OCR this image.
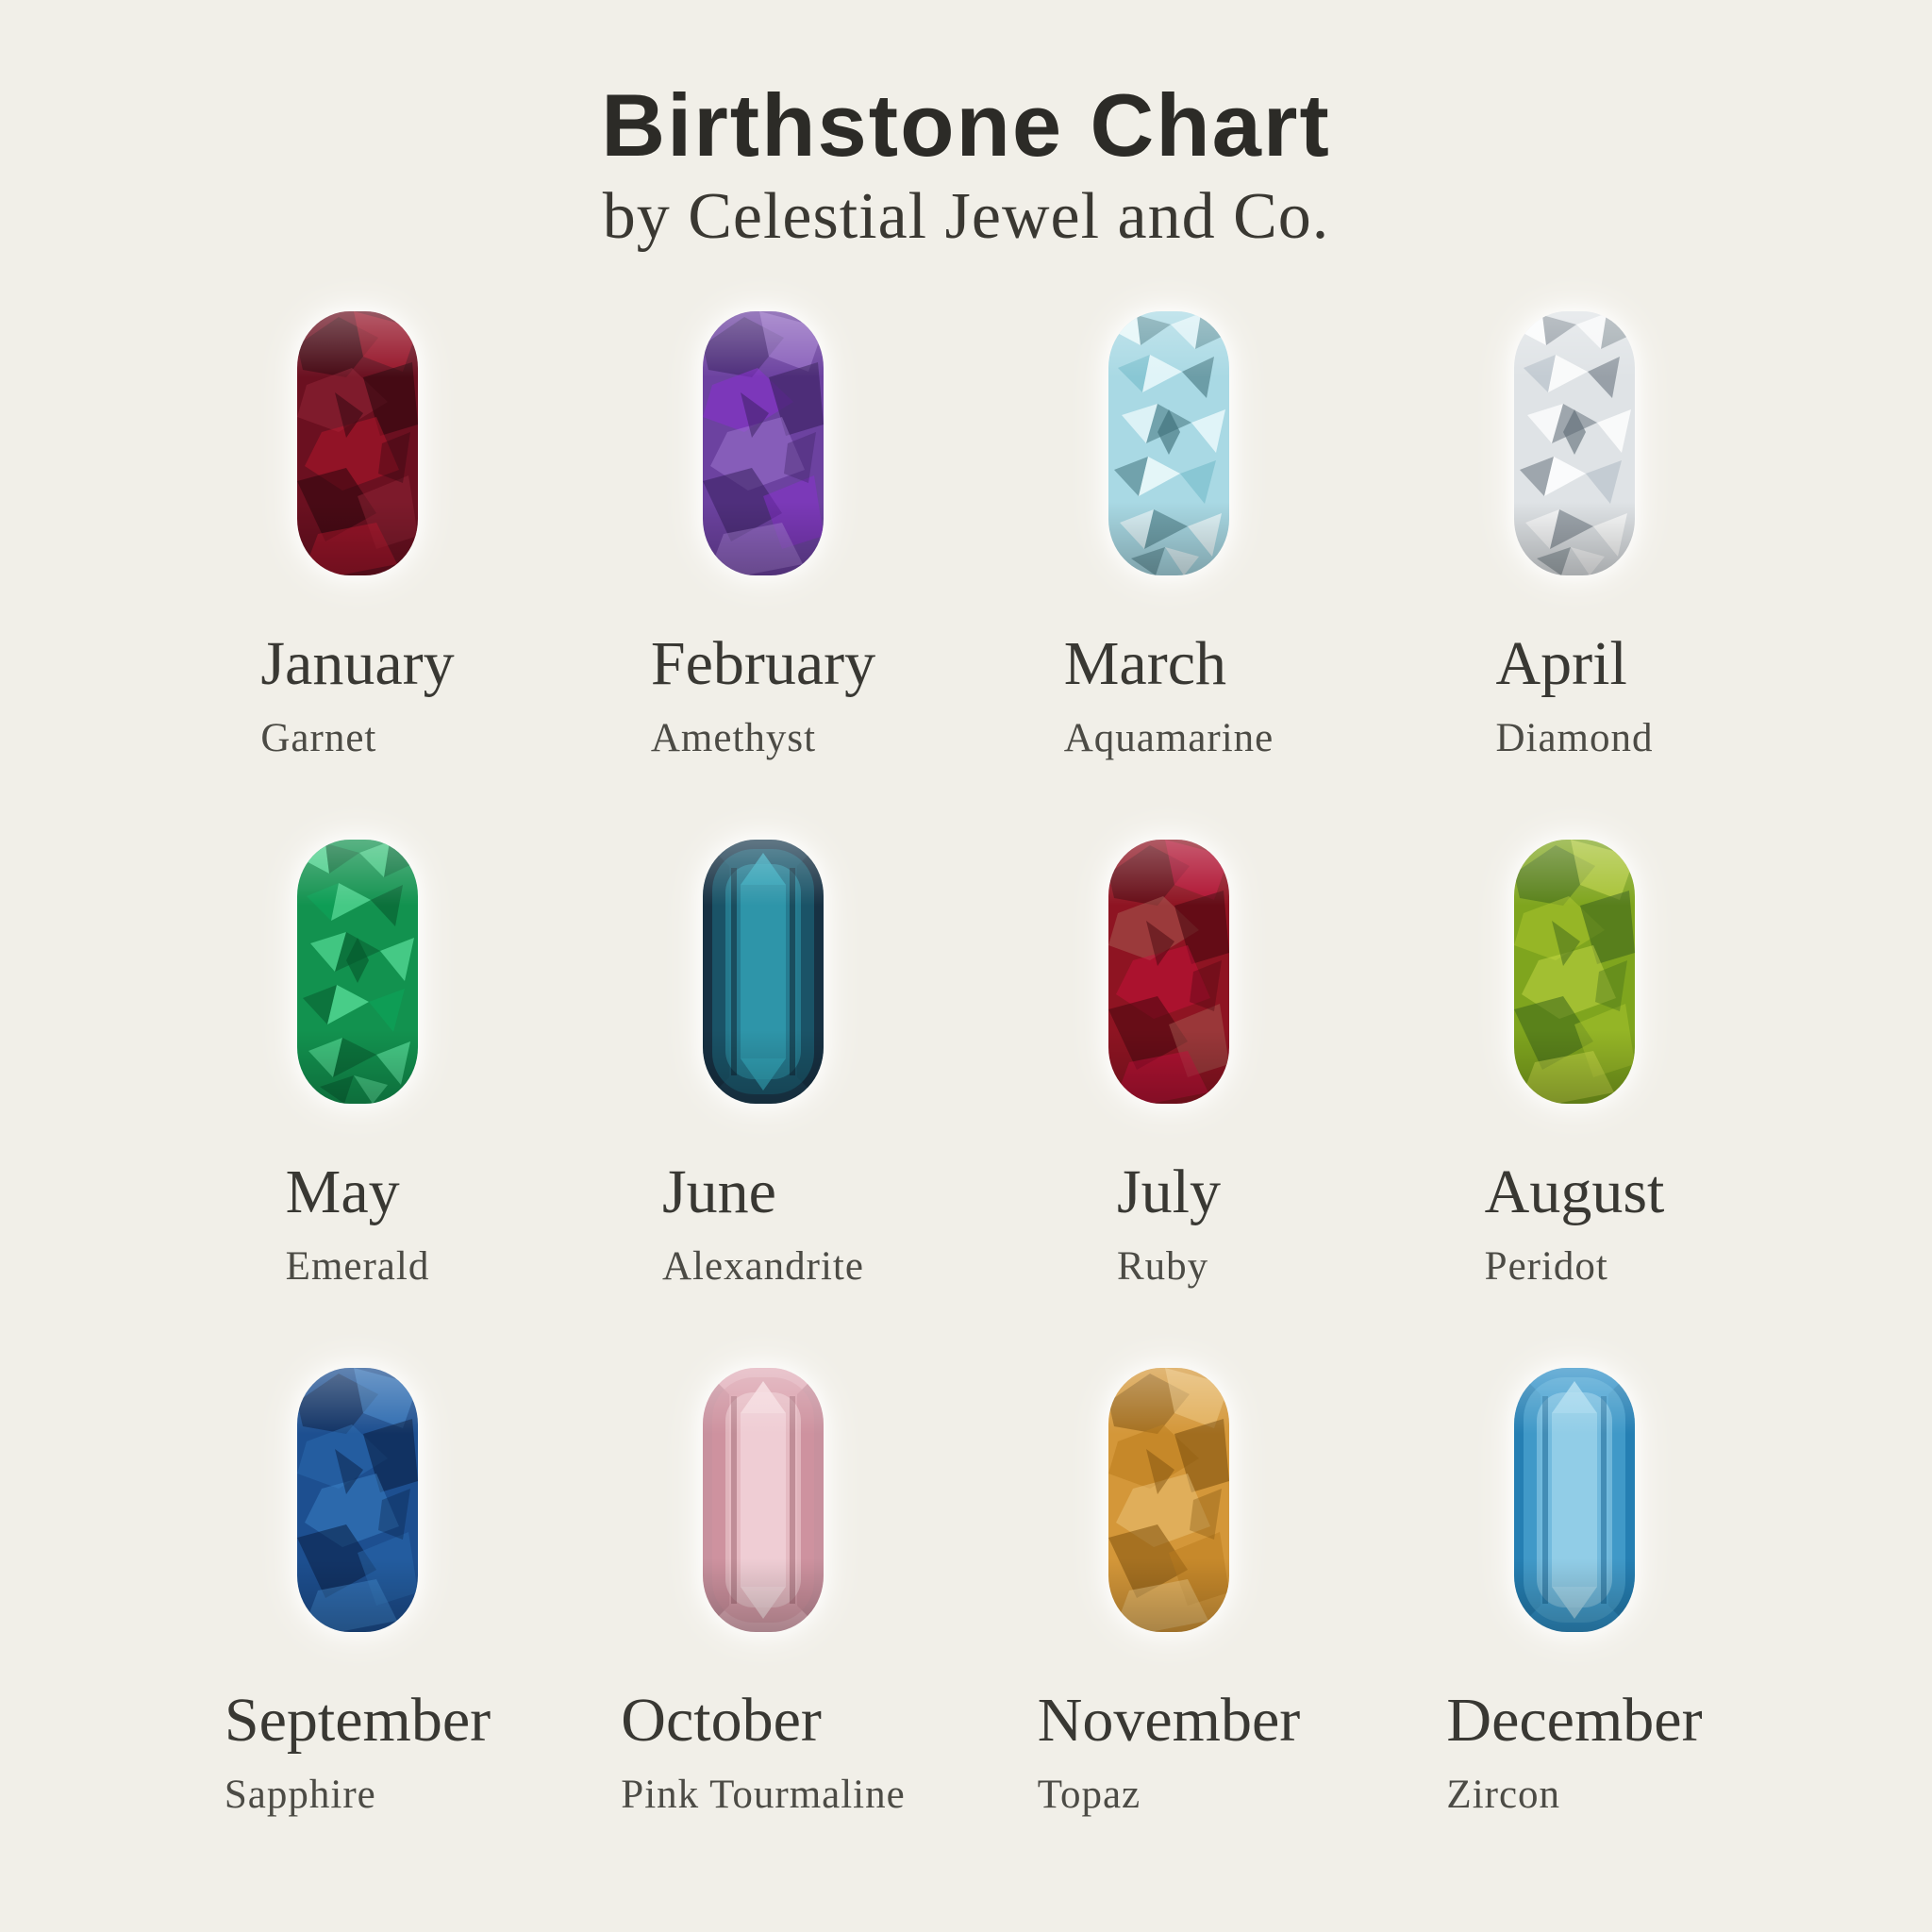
Birthstone Chart

by Celestial Jewel and Co.

January
Garnet
February
Amethyst
March
Aquamarine
April
Diamond
May
Emerald
June
Alexandrite
July
Ruby
August
Peridot
September
Sapphire
October
Pink Tourmaline
November
Topaz
December
Zircon
